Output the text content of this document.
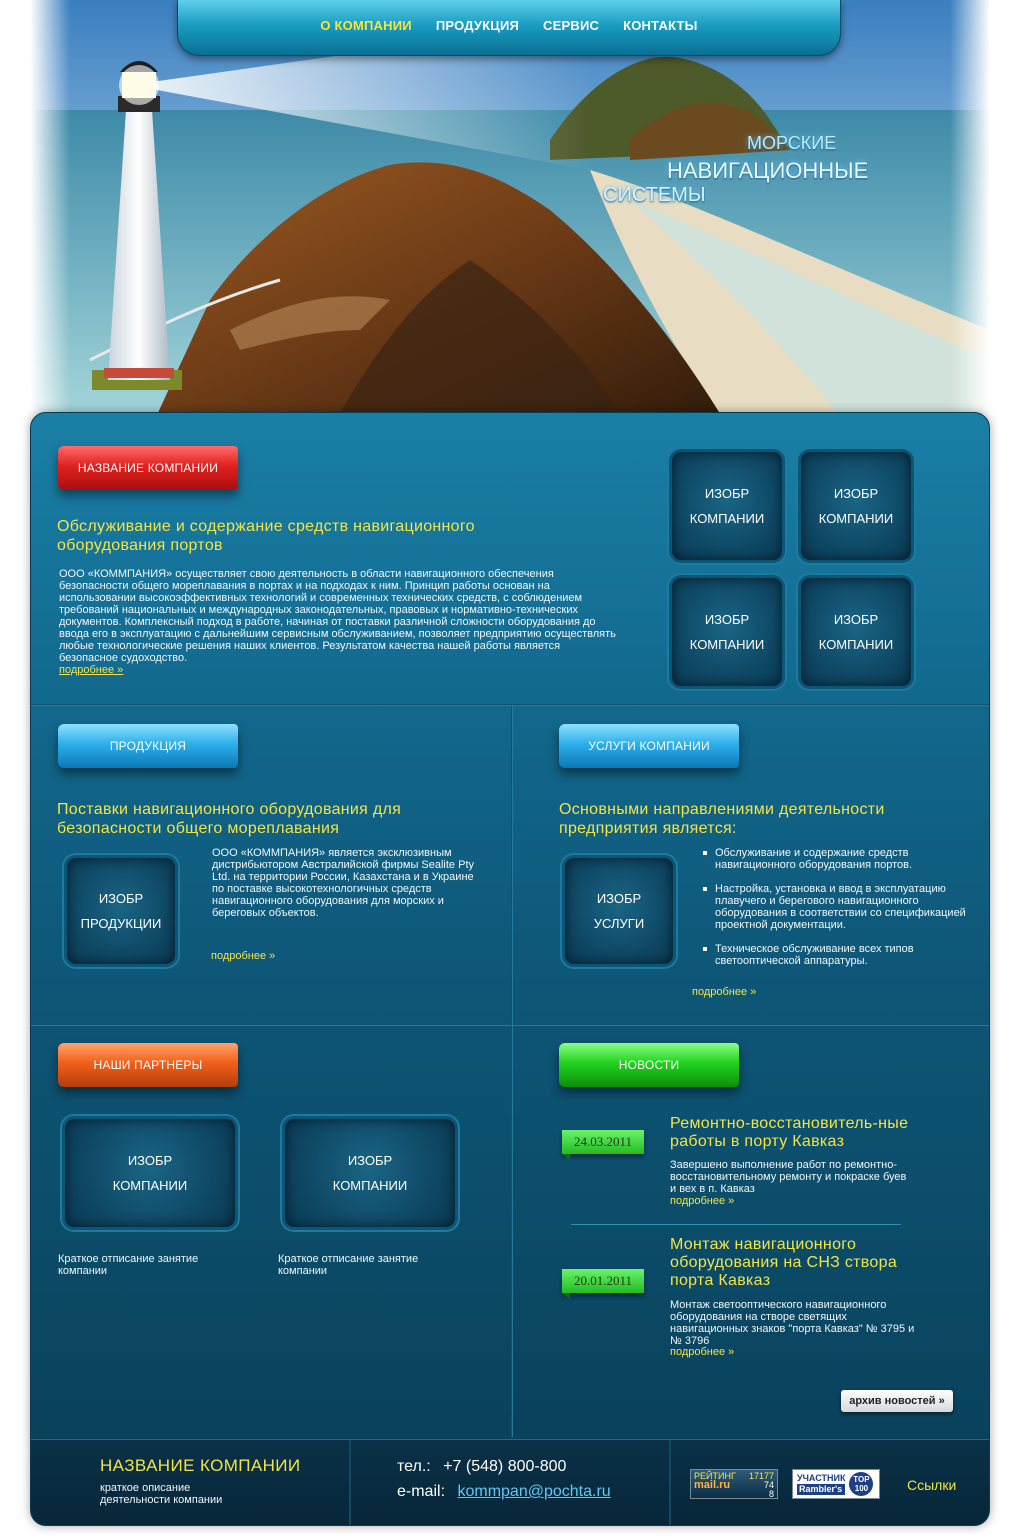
О КОМПАНИИ	ПРОДУКЦИЯ	СЕРВИС	КОНТАКТЫ
МОРСКИЕ
НАВИГАЦИОННЫЕ
СИСТЕМЫ
НАЗВАНИЕ КОМПАНИИ
Обслуживание и содержание средств навигационного оборудования портов
ООО «КОММПАНИЯ» осуществляет свою деятельность в области навигационного обеспечения безопасности общего мореплавания в портах и на подходах к ним. Принцип работы основан на использовании высокоэффективных технологий и современных технических средств, с соблюдением требований национальных и международных законодательных, правовых и нормативно-технических документов. Комплексный подход в работе, начиная от поставки различной сложности оборудования до ввода его в эксплуатацию с дальнейшим сервисным обслуживанием, позволяет предприятию осуществлять любые технологические решения наших клиентов. Результатом качества нашей работы является безопасное судоходство.
подробнее »
ИЗОБР
КОМПАНИИ
ИЗОБР
КОМПАНИИ
ИЗОБР
КОМПАНИИ
ИЗОБР
КОМПАНИИ
ПРОДУКЦИЯ
Поставки навигационного оборудования для безопасности общего мореплавания
ИЗОБР
ПРОДУКЦИИ
ООО «КОММПАНИЯ» является эксклюзивным дистрибьютором Австралийской фирмы Sealite Pty Ltd. на территории России, Казахстана и в Украине по поставке высокотехнологичных средств навигационного оборудования для морских и береговых объектов.
подробнее »
УСЛУГИ КОМПАНИИ
Основными направлениями деятельности предприятия является:
ИЗОБР
УСЛУГИ
Обслуживание и содержание средств навигационного оборудования портов.
Настройка, установка и ввод в эксплуатацию плавучего и берегового навигационного оборудования в соответствии со спецификацией проектной документации.
Техническое обслуживание всех типов светооптической аппаратуры.
подробнее »
НАШИ ПАРТНЕРЫ
ИЗОБР
КОМПАНИИ
Краткое отписание занятие компании
ИЗОБР
КОМПАНИИ
Краткое отписание занятие компании
НОВОСТИ
24.03.2011
Ремонтно-восстановитель-ные работы в порту Кавказ
Завершено выполнение работ по ремонтно-восстановительному ремонту и покраске буев и вех в п. Кавказ
подробнее »
20.01.2011
Монтаж навигационного оборудования на СНЗ створа порта Кавказ
Монтаж светооптического навигационного оборудования на створе светящих навигационных знаков "порта Кавказ" № 3795 и № 3796
подробнее »
архив новостей »
НАЗВАНИЕ КОМПАНИИ
краткое описание
деятельности компании
тел.: +7 (548) 800-800
e-mail: kommpan@pochta.ru
РЕЙТИНГ 17177
mail.ru	74
8
УЧАСТНИК
Rambler's
TOP
100	Ссылки
